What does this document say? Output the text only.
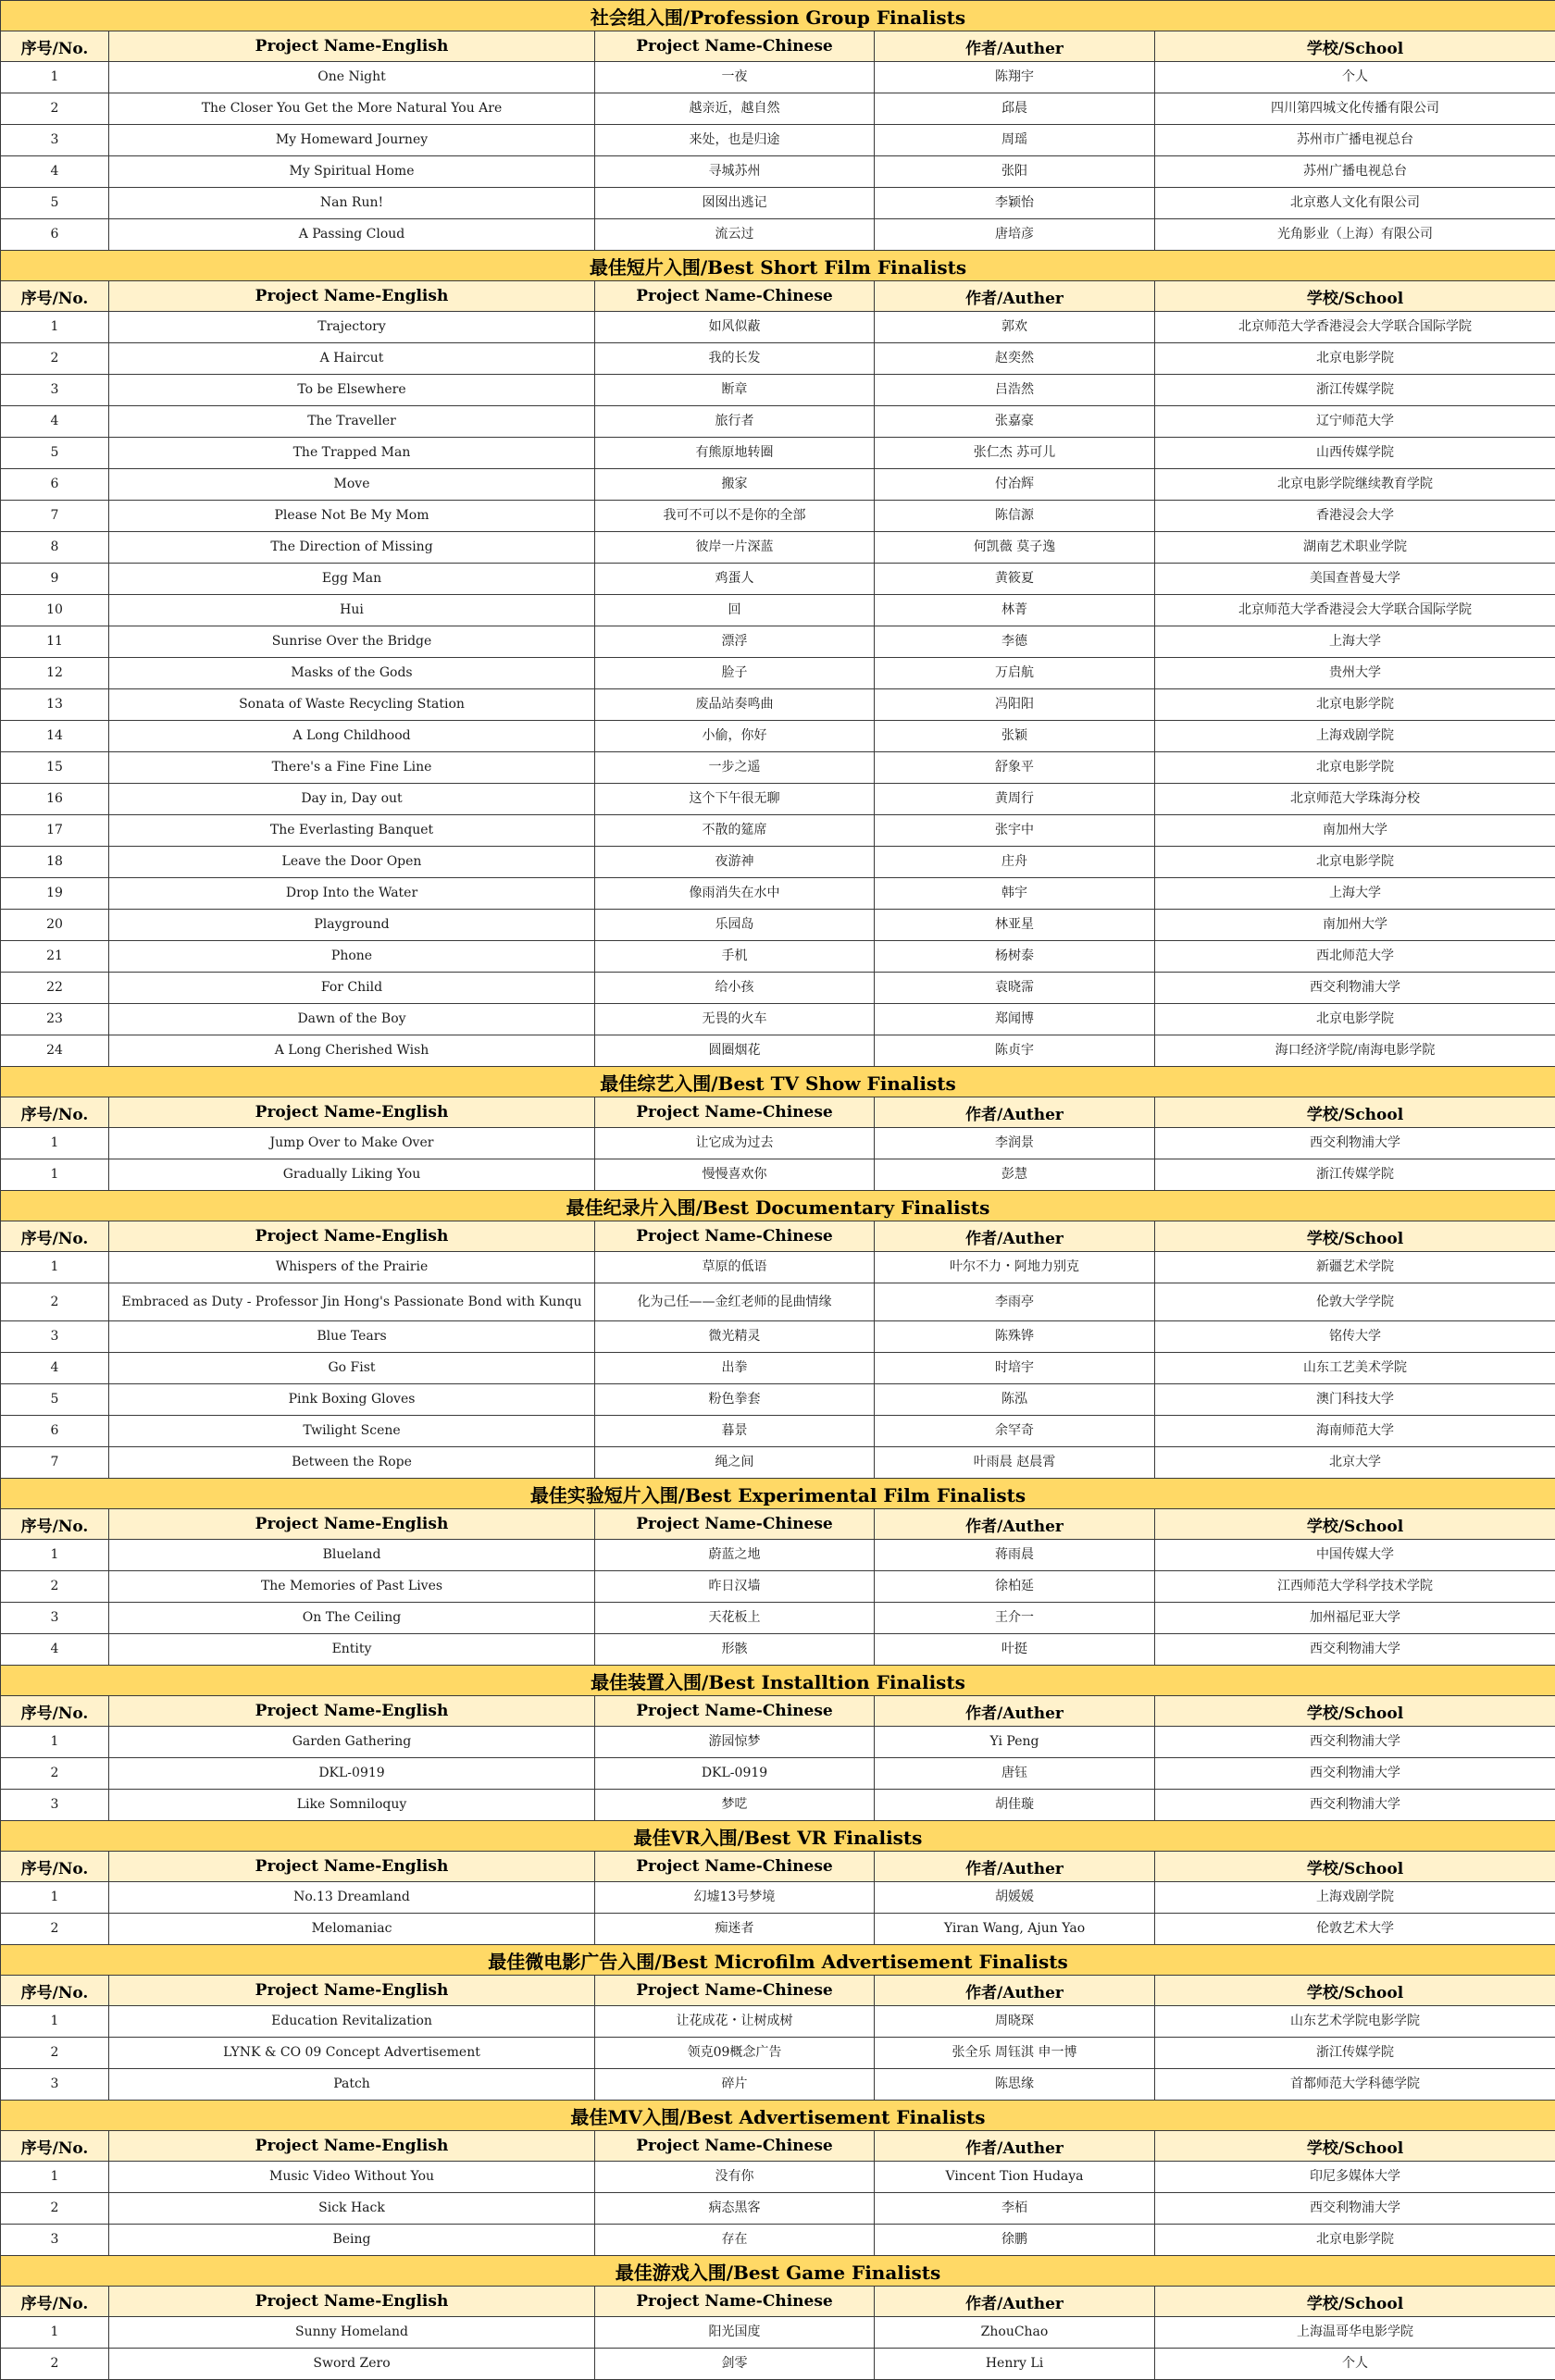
社会组入围/Profession Group Finalists				
序号/No.	Project Name-English	Project Name-Chinese	作者/Auther	学校/School
1	One Night	一夜	陈翔宇	个人
2	The Closer You Get the More Natural You Are	越亲近，越自然	邱晨	四川第四城文化传播有限公司
3	My Homeward Journey	来处，也是归途	周瑶	苏州市广播电视总台
4	My Spiritual Home	寻城苏州	张阳	苏州广播电视总台
5	Nan Run!	囡囡出逃记	李颖怡	北京憨人文化有限公司
6	A Passing Cloud	流云过	唐培彦	光角影业（上海）有限公司
最佳短片入围/Best Short Film Finalists				
序号/No.	Project Name-English	Project Name-Chinese	作者/Auther	学校/School
1	Trajectory	如风似蔽	郭欢	北京师范大学香港浸会大学联合国际学院
2	A Haircut	我的长发	赵奕然	北京电影学院
3	To be Elsewhere	断章	吕浩然	浙江传媒学院
4	The Traveller	旅行者	张嘉豪	辽宁师范大学
5	The Trapped Man	有熊原地转圈	张仁杰 苏可儿	山西传媒学院
6	Move	搬家	付冶辉	北京电影学院继续教育学院
7	Please Not Be My Mom	我可不可以不是你的全部	陈信源	香港浸会大学
8	The Direction of Missing	彼岸一片深蓝	何凯薇 莫子逸	湖南艺术职业学院
9	Egg Man	鸡蛋人	黄筱夏	美国查普曼大学
10	Hui	回	林菁	北京师范大学香港浸会大学联合国际学院
11	Sunrise Over the Bridge	漂浮	李德	上海大学
12	Masks of the Gods	脸子	万启航	贵州大学
13	Sonata of Waste Recycling Station	废品站奏鸣曲	冯阳阳	北京电影学院
14	A Long Childhood	小偷，你好	张颖	上海戏剧学院
15	There's a Fine Fine Line	一步之遥	舒象平	北京电影学院
16	Day in, Day out	这个下午很无聊	黄周行	北京师范大学珠海分校
17	The Everlasting Banquet	不散的筵席	张宇中	南加州大学
18	Leave the Door Open	夜游神	庄舟	北京电影学院
19	Drop Into the Water	像雨消失在水中	韩宇	上海大学
20	Playground	乐园岛	林亚星	南加州大学
21	Phone	手机	杨树泰	西北师范大学
22	For Child	给小孩	袁晓霈	西交利物浦大学
23	Dawn of the Boy	无畏的火车	郑闻博	北京电影学院
24	A Long Cherished Wish	圆圈烟花	陈贞宇	海口经济学院/南海电影学院
最佳综艺入围/Best TV Show Finalists				
序号/No.	Project Name-English	Project Name-Chinese	作者/Auther	学校/School
1	Jump Over to Make Over	让它成为过去	李润景	西交利物浦大学
1	Gradually Liking You	慢慢喜欢你	彭慧	浙江传媒学院
最佳纪录片入围/Best Documentary Finalists				
序号/No.	Project Name-English	Project Name-Chinese	作者/Auther	学校/School
1	Whispers of the Prairie	草原的低语	叶尔不力・阿地力别克	新疆艺术学院
2	Embraced as Duty - Professor Jin Hong's Passionate Bond with Kunqu	化为己任——金红老师的昆曲情缘	李雨亭	伦敦大学学院
3	Blue Tears	微光精灵	陈殊铧	铭传大学
4	Go Fist	出拳	时培宇	山东工艺美术学院
5	Pink Boxing Gloves	粉色拳套	陈泓	澳门科技大学
6	Twilight Scene	暮景	余罕奇	海南师范大学
7	Between the Rope	绳之间	叶雨晨 赵晨霄	北京大学
最佳实验短片入围/Best Experimental Film Finalists				
序号/No.	Project Name-English	Project Name-Chinese	作者/Auther	学校/School
1	Blueland	蔚蓝之地	蒋雨晨	中国传媒大学
2	The Memories of Past Lives	昨日汉墙	徐柏延	江西师范大学科学技术学院
3	On The Ceiling	天花板上	王介一	加州福尼亚大学
4	Entity	形骸	叶挺	西交利物浦大学
最佳装置入围/Best Installtion Finalists				
序号/No.	Project Name-English	Project Name-Chinese	作者/Auther	学校/School
1	Garden Gathering	游园惊梦	Yi Peng	西交利物浦大学
2	DKL-0919	DKL-0919	唐钰	西交利物浦大学
3	Like Somniloquy	梦呓	胡佳璇	西交利物浦大学
最佳VR入围/Best VR Finalists				
序号/No.	Project Name-English	Project Name-Chinese	作者/Auther	学校/School
1	No.13 Dreamland	幻墟13号梦境	胡媛媛	上海戏剧学院
2	Melomaniac	痴迷者	Yiran Wang, Ajun Yao	伦敦艺术大学
最佳微电影广告入围/Best Microfilm Advertisement Finalists				
序号/No.	Project Name-English	Project Name-Chinese	作者/Auther	学校/School
1	Education Revitalization	让花成花・让树成树	周晓琛	山东艺术学院电影学院
2	LYNK & CO 09 Concept Advertisement	领克09概念广告	张全乐 周钰淇 申一博	浙江传媒学院
3	Patch	碎片	陈思缘	首都师范大学科德学院
最佳MV入围/Best Advertisement Finalists				
序号/No.	Project Name-English	Project Name-Chinese	作者/Auther	学校/School
1	Music Video Without You	没有你	Vincent Tion Hudaya	印尼多媒体大学
2	Sick Hack	病态黑客	李栢	西交利物浦大学
3	Being	存在	徐鹏	北京电影学院
最佳游戏入围/Best Game Finalists				
序号/No.	Project Name-English	Project Name-Chinese	作者/Auther	学校/School
1	Sunny Homeland	阳光国度	ZhouChao	上海温哥华电影学院
2	Sword Zero	剑零	Henry Li	个人
